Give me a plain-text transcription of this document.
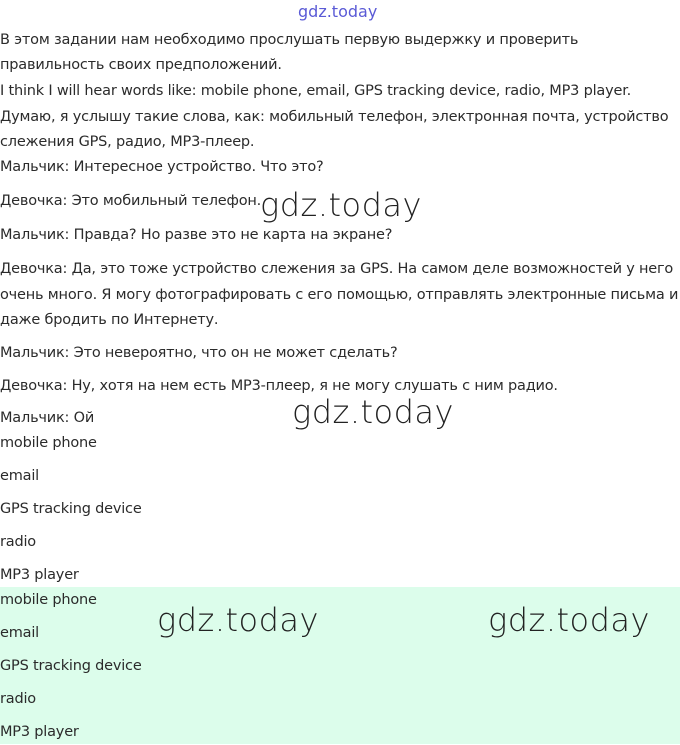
gdz.today

В этом задании нам необходимо прослушать первую выдержку и проверить

правильность своих предположений.

I think I will hear words like: mobile phone, email, GPS tracking device, radio, MP3 player.

Думаю, я услышу такие слова, как: мобильный телефон, электронная почта, устройство

слежения GPS, радио, MP3-плеер.

Мальчик: Интересное устройство. Что это?

Девочка: Это мобильный телефон.

Мальчик: Правда? Но разве это не карта на экране?

Девочка: Да, это тоже устройство слежения за GPS. На самом деле возможностей у него

очень много. Я могу фотографировать с его помощью, отправлять электронные письма и

даже бродить по Интернету.

Мальчик: Это невероятно, что он не может сделать?

Девочка: Ну, хотя на нем есть MP3-плеер, я не могу слушать с ним радио.

Мальчик: Ой

gdz.today
gdz.today

mobile phone

email

GPS tracking device

radio

MP3 player

mobile phone

email

GPS tracking device

radio

MP3 player

gdz.today	gdz.today
